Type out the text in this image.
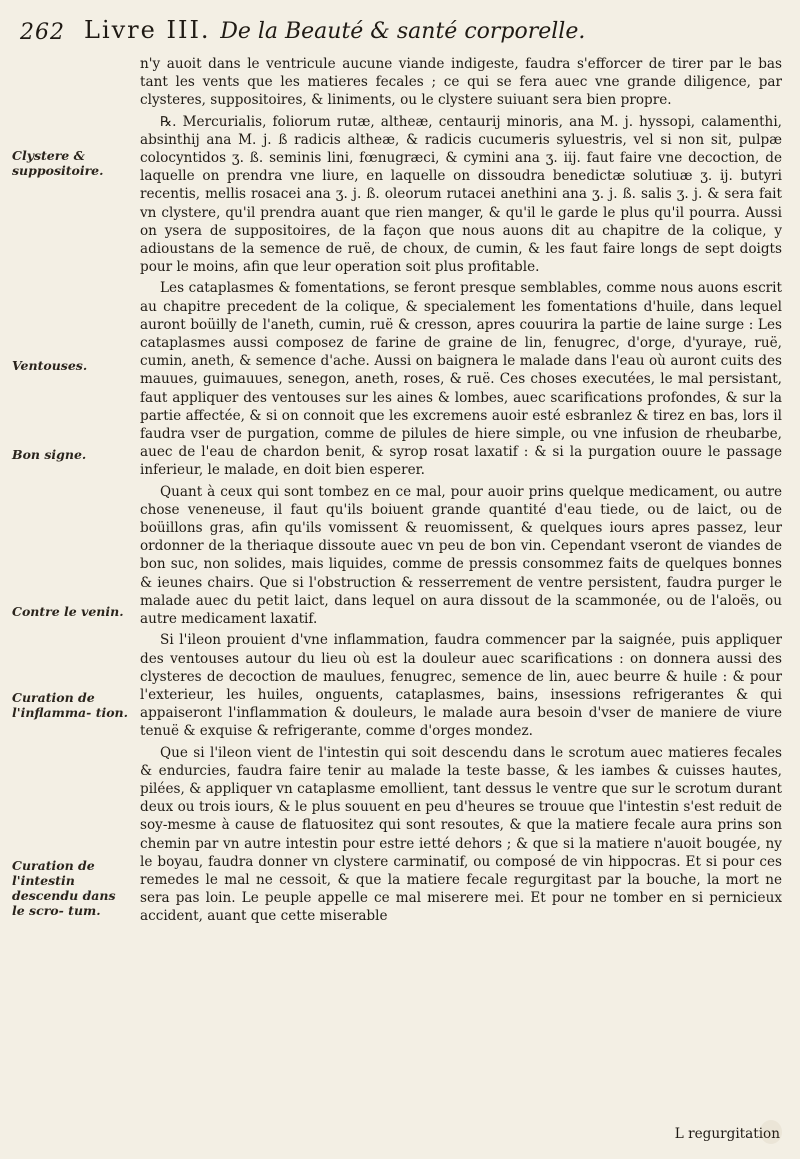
262 Livre III. De la Beauté & santé corporelle.
Clystere & suppositoire.
Ventouses.
Bon signe.
Contre le venin.
Curation de l'inflamma- tion.
Curation de l'intestin descendu dans le scro- tum.

n'y auoit dans le ventricule aucune viande indigeste, faudra s'efforcer de tirer par le bas tant les vents que les matieres fecales ; ce qui se fera auec vne grande diligence, par clysteres, suppositoires, & liniments, ou le clystere suiuant sera bien propre.

℞. Mercurialis, foliorum rutæ, altheæ, centaurij minoris, ana M. j. hyssopi, calamenthi, absinthij ana M. j. ß radicis altheæ, & radicis cucumeris syluestris, vel si non sit, pulpæ colocyntidos ʒ. ß. seminis lini, fœnugræci, & cymini ana ʒ. iij. faut faire vne decoction, de laquelle on prendra vne liure, en laquelle on dissoudra benedictæ solutiuæ ʒ. ij. butyri recentis, mellis rosacei ana ʒ. j. ß. oleorum rutacei anethini ana ʒ. j. ß. salis ʒ. j. & sera fait vn clystere, qu'il prendra auant que rien manger, & qu'il le garde le plus qu'il pourra. Aussi on ysera de suppositoires, de la façon que nous auons dit au chapitre de la colique, y adioustans de la semence de ruë, de choux, de cumin, & les faut faire longs de sept doigts pour le moins, afin que leur operation soit plus profitable.

Les cataplasmes & fomentations, se feront presque semblables, comme nous auons escrit au chapitre precedent de la colique, & specialement les fomentations d'huile, dans lequel auront boüilly de l'aneth, cumin, ruë & cresson, apres couurira la partie de laine surge : Les cataplasmes aussi composez de farine de graine de lin, fenugrec, d'orge, d'yuraye, ruë, cumin, aneth, & semence d'ache. Aussi on baignera le malade dans l'eau où auront cuits des mauues, guimauues, senegon, aneth, roses, & ruë. Ces choses executées, le mal persistant, faut appliquer des ventouses sur les aines & lombes, auec scarifications profondes, & sur la partie affectée, & si on connoit que les excremens auoir esté esbranlez & tirez en bas, lors il faudra vser de purgation, comme de pilules de hiere simple, ou vne infusion de rheubarbe, auec de l'eau de chardon benit, & syrop rosat laxatif : & si la purgation ouure le passage inferieur, le malade, en doit bien esperer.

Quant à ceux qui sont tombez en ce mal, pour auoir prins quelque medicament, ou autre chose veneneuse, il faut qu'ils boiuent grande quantité d'eau tiede, ou de laict, ou de boüillons gras, afin qu'ils vomissent & reuomissent, & quelques iours apres passez, leur ordonner de la theriaque dissoute auec vn peu de bon vin. Cependant vseront de viandes de bon suc, non solides, mais liquides, comme de pressis consommez faits de quelques bonnes & ieunes chairs. Que si l'obstruction & resserrement de ventre persistent, faudra purger le malade auec du petit laict, dans lequel on aura dissout de la scammonée, ou de l'aloës, ou autre medicament laxatif.

Si l'ileon prouient d'vne inflammation, faudra commencer par la saignée, puis appliquer des ventouses autour du lieu où est la douleur auec scarifications : on donnera aussi des clysteres de decoction de maulues, fenugrec, semence de lin, auec beurre & huile : & pour l'exterieur, les huiles, onguents, cataplasmes, bains, insessions refrigerantes & qui appaiseront l'inflammation & douleurs, le malade aura besoin d'vser de maniere de viure tenuë & exquise & refrigerante, comme d'orges mondez.

Que si l'ileon vient de l'intestin qui soit descendu dans le scrotum auec matieres fecales & endurcies, faudra faire tenir au malade la teste basse, & les iambes & cuisses hautes, pilées, & appliquer vn cataplasme emollient, tant dessus le ventre que sur le scrotum durant deux ou trois iours, & le plus souuent en peu d'heures se trouue que l'intestin s'est reduit de soy-mesme à cause de flatuositez qui sont resoutes, & que la matiere fecale aura prins son chemin par vn autre intestin pour estre ietté dehors ; & que si la matiere n'auoit bougée, ny le boyau, faudra donner vn clystere carminatif, ou composé de vin hippocras. Et si pour ces remedes le mal ne cessoit, & que la matiere fecale regurgitast par la bouche, la mort ne sera pas loin. Le peuple appelle ce mal miserere mei. Et pour ne tomber en si pernicieux accident, auant que cette miserable

L regurgitation
